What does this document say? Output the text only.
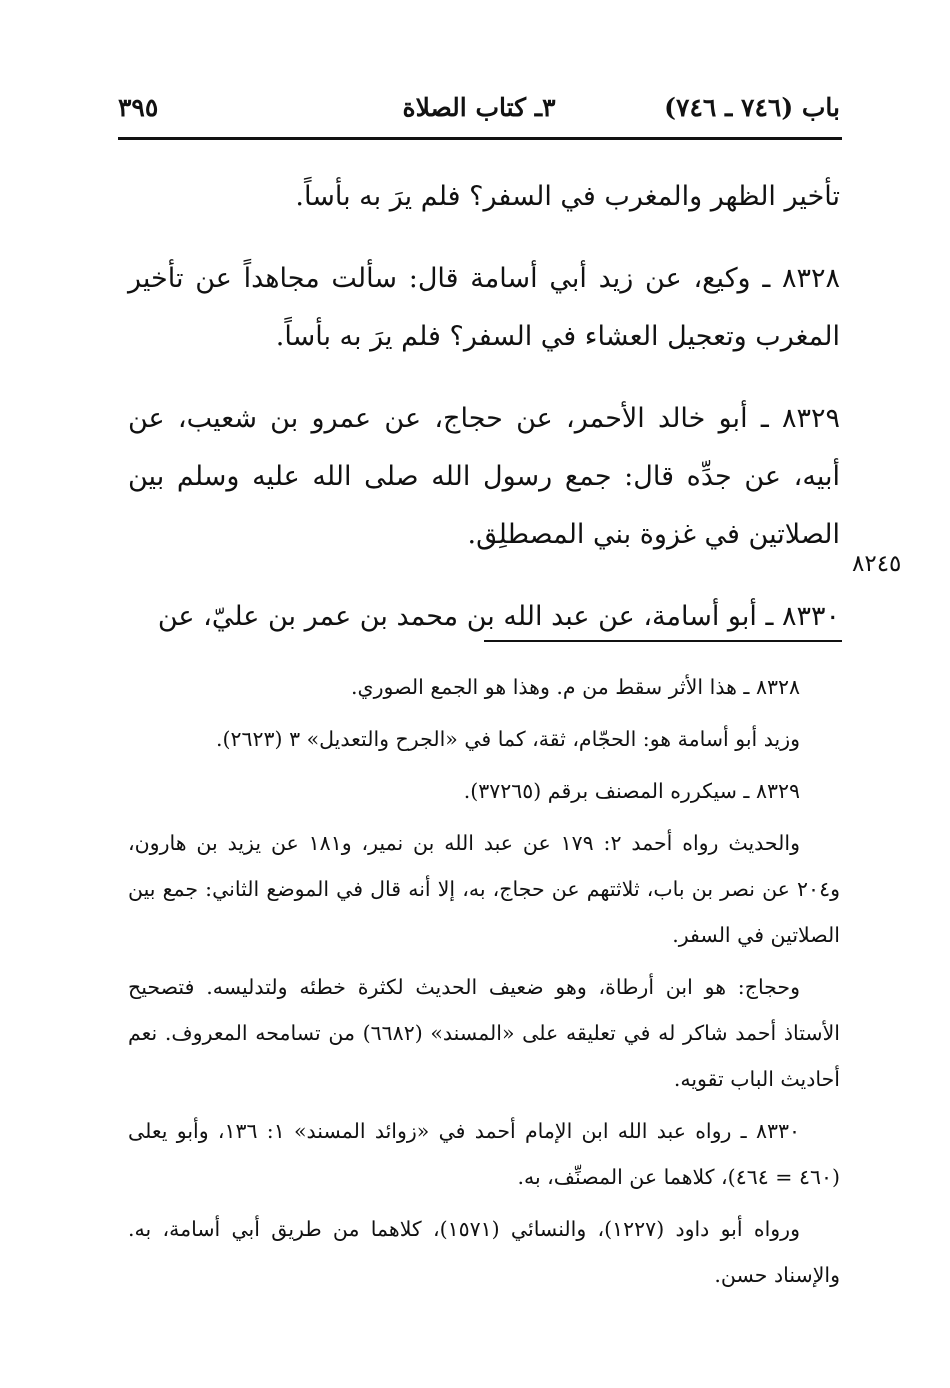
باب (٧٤٦ ـ ٧٤٦)
٣ـ كتاب الصلاة
٣٩٥

تأخير الظهر والمغرب في السفر؟ فلم يرَ به بأساً.

٨٣٢٨ ـ وكيع، عن زيد أبي أسامة قال: سألت مجاهداً عن تأخير المغرب وتعجيل العشاء في السفر؟ فلم يرَ به بأساً.

٨٣٢٩ ـ أبو خالد الأحمر، عن حجاج، عن عمرو بن شعيب، عن أبيه، عن جدِّه قال: جمع رسول الله صلى الله عليه وسلم بين الصلاتين في غزوة بني المصطلِق.

٨٣٣٠ ـ أبو أسامة، عن عبد الله بن محمد بن عمر بن عليّ، عن

٨٢٤٥

٨٣٢٨ ـ هذا الأثر سقط من م. وهذا هو الجمع الصوري.

وزيد أبو أسامة هو: الحجّام، ثقة، كما في «الجرح والتعديل» ٣ (٢٦٢٣).

٨٣٢٩ ـ سيكرره المصنف برقم (٣٧٢٦٥).

والحديث رواه أحمد ٢: ١٧٩ عن عبد الله بن نمير، و١٨١ عن يزيد بن هارون، و٢٠٤ عن نصر بن باب، ثلاثتهم عن حجاج، به، إلا أنه قال في الموضع الثاني: جمع بين الصلاتين في السفر.

وحجاج: هو ابن أرطاة، وهو ضعيف الحديث لكثرة خطئه ولتدليسه. فتصحيح الأستاذ أحمد شاكر له في تعليقه على «المسند» (٦٦٨٢) من تسامحه المعروف. نعم أحاديث الباب تقويه.

٨٣٣٠ ـ رواه عبد الله ابن الإمام أحمد في «زوائد المسند» ١: ١٣٦، وأبو يعلى (٤٦٠ = ٤٦٤)، كلاهما عن المصنِّف، به.

ورواه أبو داود (١٢٢٧)، والنسائي (١٥٧١)، كلاهما من طريق أبي أسامة، به. والإسناد حسن.
